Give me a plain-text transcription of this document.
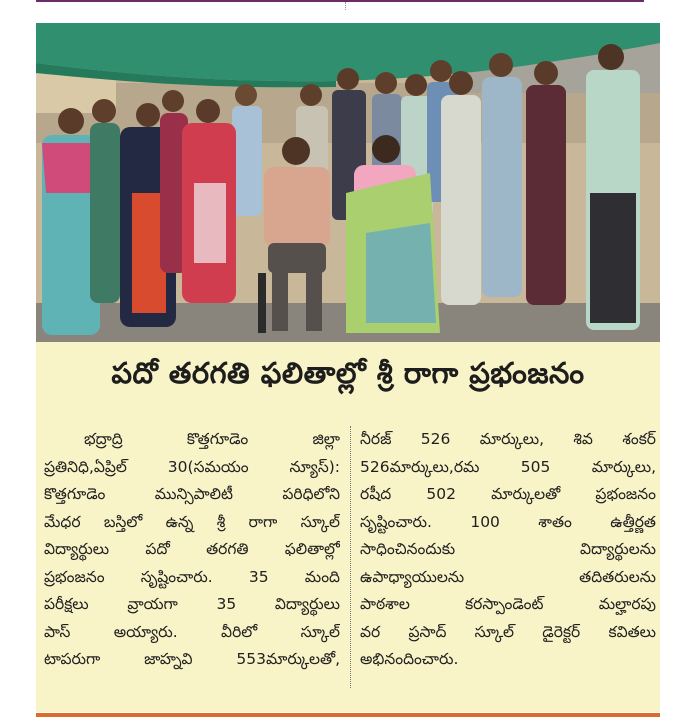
పదో తరగతి ఫలితాల్లో శ్రీ రాగా ప్రభంజనం
భద్రాద్రి కొత్తగూడెం జిల్లా
ప్రతినిధి,ఏప్రిల్ 30(సమయం న్యూస్):
కొత్తగూడెం మున్సిపాలిటీ పరిధిలోని
మేధర బస్తిలో ఉన్న శ్రీ రాగా స్కూల్
విద్యార్థులు పదో తరగతి ఫలితాల్లో
ప్రభంజనం సృష్టించారు. 35 మంది
పరీక్షలు వ్రాయగా 35 విద్యార్థులు
పాస్ అయ్యారు. వీరిలో స్కూల్
టాపరుగా జాహ్నవి 553మార్కులతో,
నీరజ్ 526 మార్కులు, శివ శంకర్
526మార్కులు,రమ 505 మార్కులు,
రషీద 502 మార్కులతో ప్రభంజనం
సృష్టించారు. 100 శాతం ఉత్తీర్ణత
సాధించినందుకు విద్యార్థులను
ఉపాధ్యాయులను తదితరులను
పాఠశాల కరస్పాండెంట్ మల్హారపు
వర ప్రసాద్ స్కూల్ డైరెక్టర్ కవితలు
అభినందించారు.
